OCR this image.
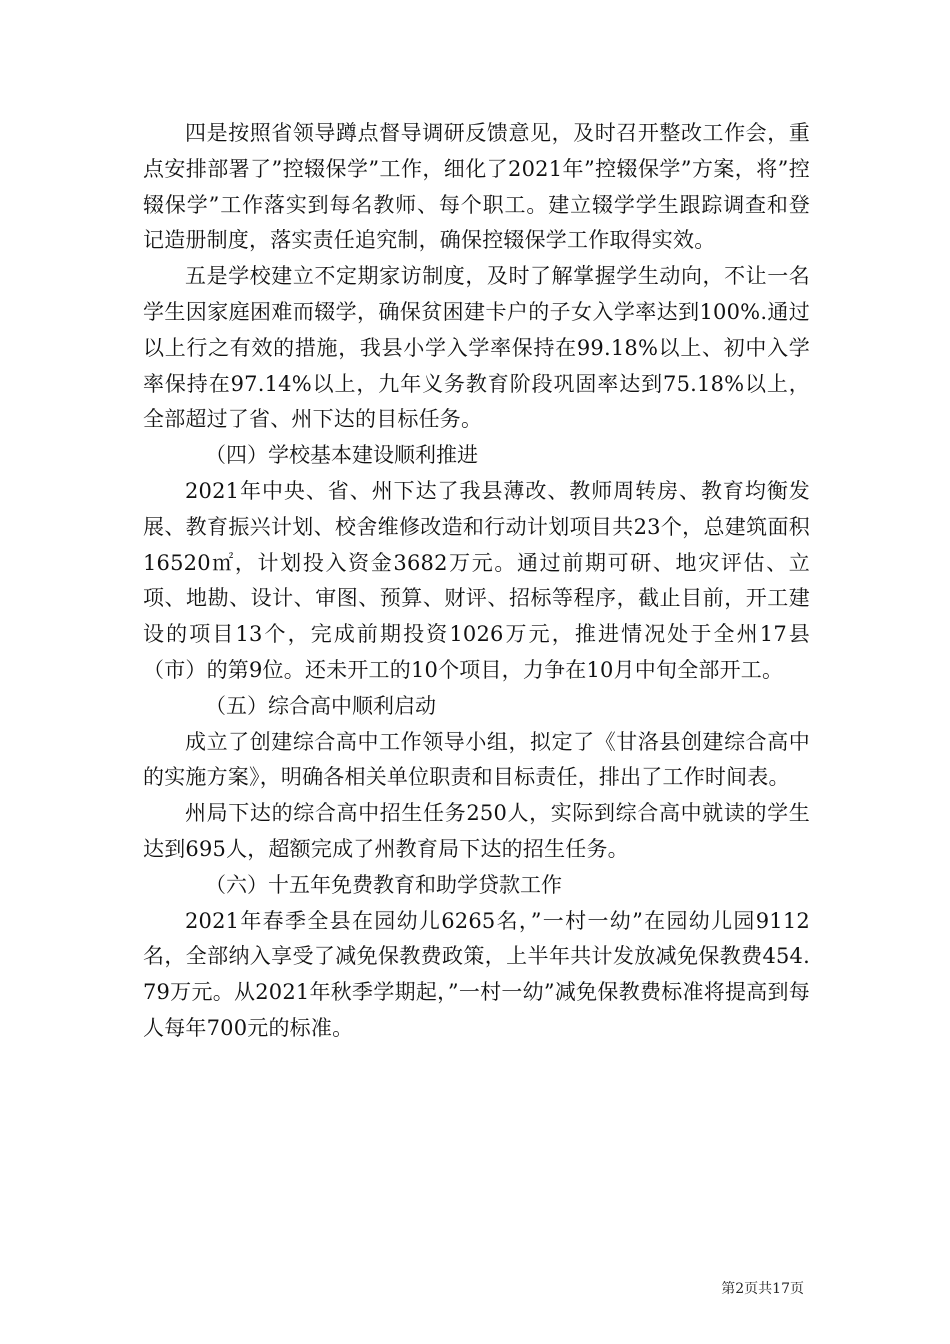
四是按照省领导蹲点督导调研反馈意见，及时召开整改工作会，重点安排部署了”控辍保学”工作，细化了2021年”控辍保学”方案，将”控辍保学”工作落实到每名教师、每个职工。建立辍学学生跟踪调查和登记造册制度，落实责任追究制，确保控辍保学工作取得实效。

五是学校建立不定期家访制度，及时了解掌握学生动向，不让一名学生因家庭困难而辍学，确保贫困建卡户的子女入学率达到100%.通过以上行之有效的措施，我县小学入学率保持在99.18%以上、初中入学率保持在97.14%以上，九年义务教育阶段巩固率达到75.18%以上，全部超过了省、州下达的目标任务。

（四）学校基本建设顺利推进

2021年中央、省、州下达了我县薄改、教师周转房、教育均衡发展、教育振兴计划、校舍维修改造和行动计划项目共23个，总建筑面积16520㎡，计划投入资金3682万元。通过前期可研、地灾评估、立项、地勘、设计、审图、预算、财评、招标等程序，截止目前，开工建设的项目13个，完成前期投资1026万元，推进情况处于全州17县（市）的第9位。还未开工的10个项目，力争在10月中旬全部开工。

（五）综合高中顺利启动

成立了创建综合高中工作领导小组，拟定了《甘洛县创建综合高中的实施方案》，明确各相关单位职责和目标责任，排出了工作时间表。

州局下达的综合高中招生任务250人，实际到综合高中就读的学生达到695人，超额完成了州教育局下达的招生任务。

（六）十五年免费教育和助学贷款工作

2021年春季全县在园幼儿6265名，”一村一幼”在园幼儿园9112名，全部纳入享受了减免保教费政策，上半年共计发放减免保教费454.79万元。从2021年秋季学期起，”一村一幼”减免保教费标准将提高到每人每年700元的标准。

第2页共17页
